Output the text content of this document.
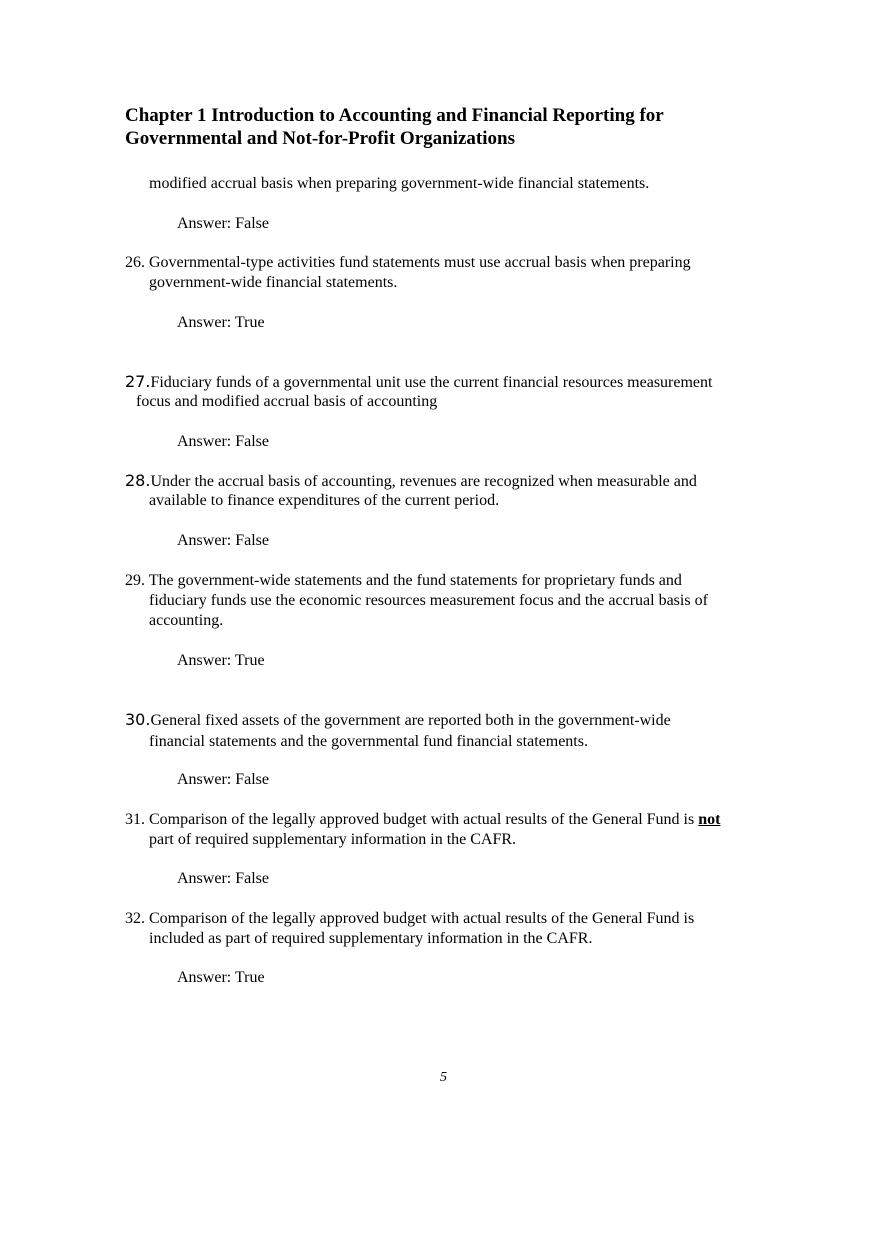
Chapter 1 Introduction to Accounting and Financial Reporting for
Governmental and Not-for-Profit Organizations
modified accrual basis when preparing government-wide financial statements.
Answer: False
26. Governmental-type activities fund statements must use accrual basis when preparing
government-wide financial statements.
Answer: True
27.Fiduciary funds of a governmental unit use the current financial resources measurement
focus and modified accrual basis of accounting
Answer: False
28.Under the accrual basis of accounting, revenues are recognized when measurable and
available to finance expenditures of the current period.
Answer: False
29. The government-wide statements and the fund statements for proprietary funds and
fiduciary funds use the economic resources measurement focus and the accrual basis of
accounting.
Answer: True
30.General fixed assets of the government are reported both in the government-wide
financial statements and the governmental fund financial statements.
Answer: False
31. Comparison of the legally approved budget with actual results of the General Fund is not
part of required supplementary information in the CAFR.
Answer: False
32. Comparison of the legally approved budget with actual results of the General Fund is
included as part of required supplementary information in the CAFR.
Answer: True
5
